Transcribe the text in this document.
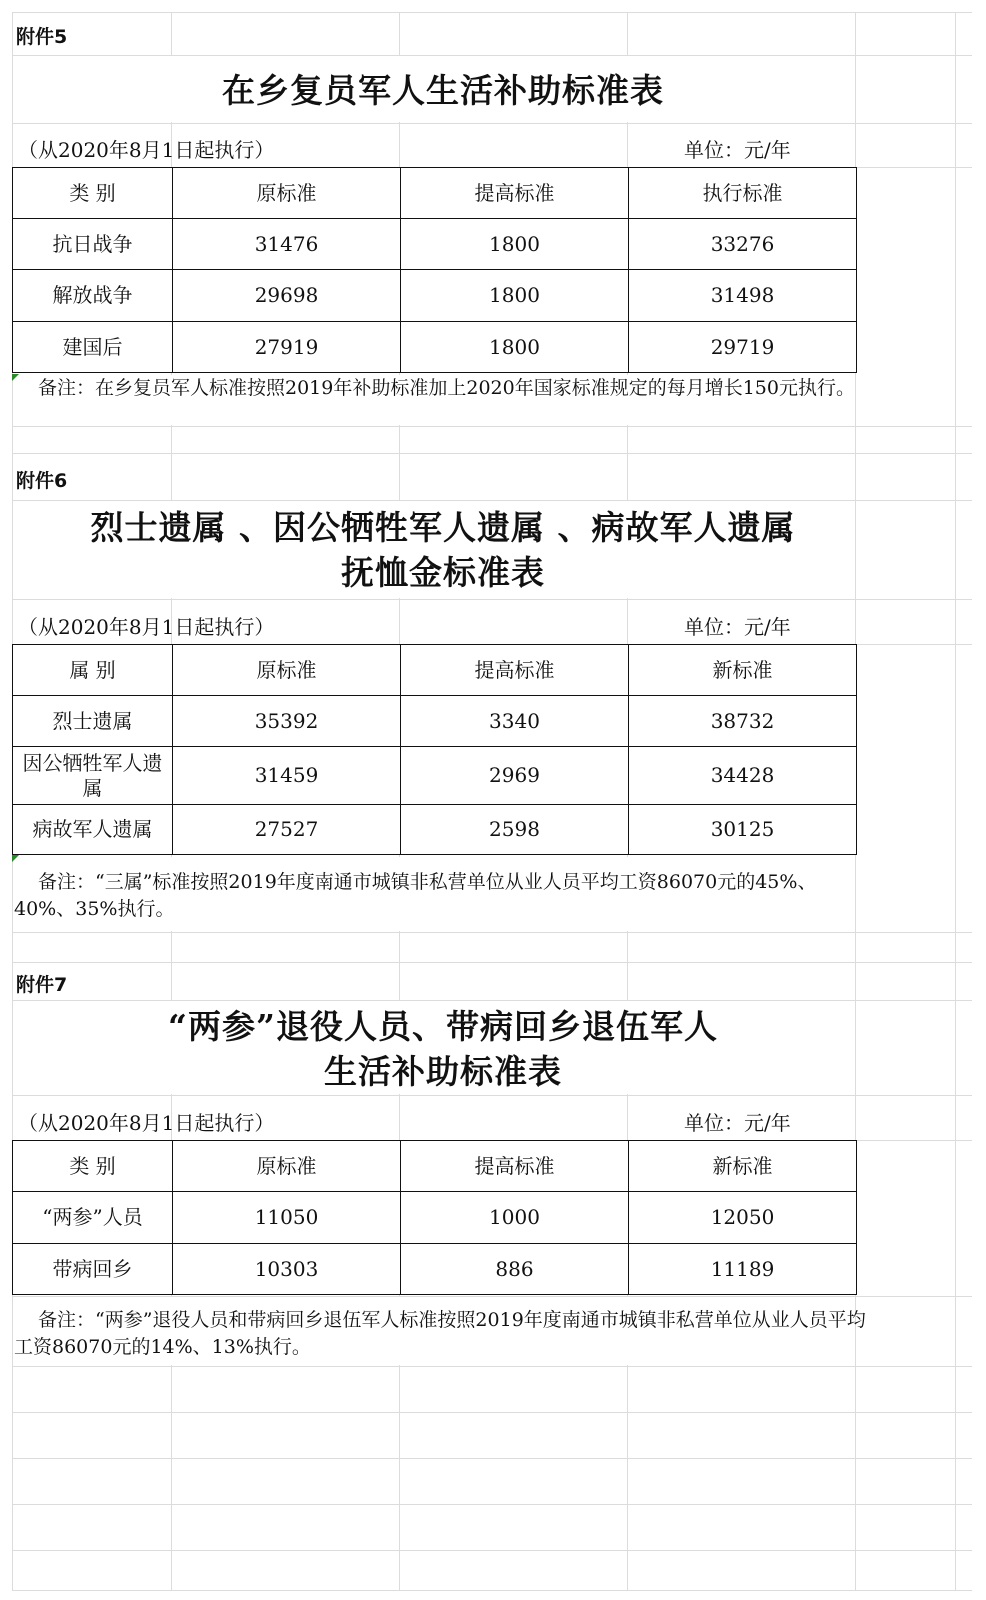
附件5
在乡复员军人生活补助标准表
（从2020年8月1日起执行）	单位：元/年
类 别	原标准	提高标准	执行标准
抗日战争	31476	1800	33276
解放战争	29698	1800	31498
建国后	27919	1800	29719
备注：在乡复员军人标准按照2019年补助标准加上2020年国家标准规定的每月增长150元执行。
附件6
烈士遗属 、因公牺牲军人遗属 、病故军人遗属
抚恤金标准表
（从2020年8月1日起执行）	单位：元/年
属 别	原标准	提高标准	新标准
烈士遗属	35392	3340	38732
因公牺牲军人遗属	31459	2969	34428
病故军人遗属	27527	2598	30125
备注：“三属”标准按照2019年度南通市城镇非私营单位从业人员平均工资86070元的45%、40%、35%执行。
附件7
“两参”退役人员、带病回乡退伍军人
生活补助标准表
（从2020年8月1日起执行）	单位：元/年
类 别	原标准	提高标准	新标准
“两参”人员	11050	1000	12050
带病回乡	10303	886	11189
备注：“两参”退役人员和带病回乡退伍军人标准按照2019年度南通市城镇非私营单位从业人员平均工资86070元的14%、13%执行。
